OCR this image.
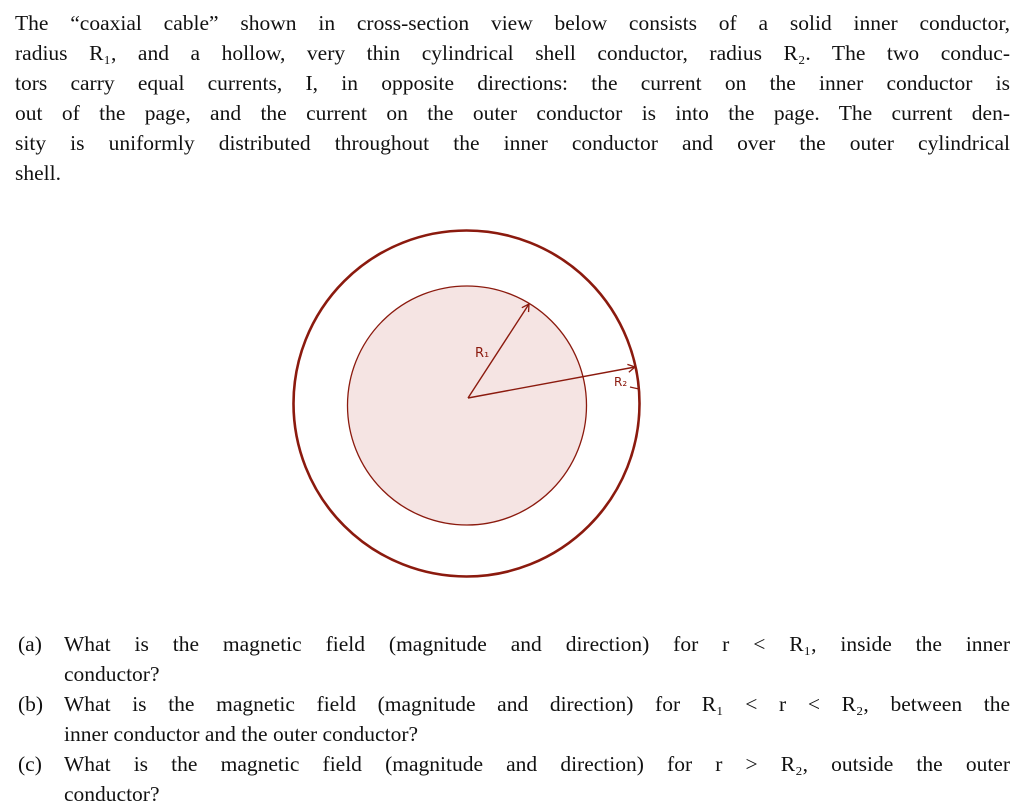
The “coaxial cable” shown in cross-section view below consists of a solid inner conductor,
radius R₁, and a hollow, very thin cylindrical shell conductor, radius R₂. The two conduc-
tors carry equal currents, I, in opposite directions: the current on the inner conductor is
out of the page, and the current on the outer conductor is into the page. The current den-
sity is uniformly distributed throughout the inner conductor and over the outer cylindrical
shell.
R₁
R₂
(a) What is the magnetic field (magnitude and direction) for r < R₁, inside the inner
conductor?
(b) What is the magnetic field (magnitude and direction) for R₁ < r < R₂, between the
inner conductor and the outer conductor?
(c) What is the magnetic field (magnitude and direction) for r > R₂, outside the outer
conductor?
